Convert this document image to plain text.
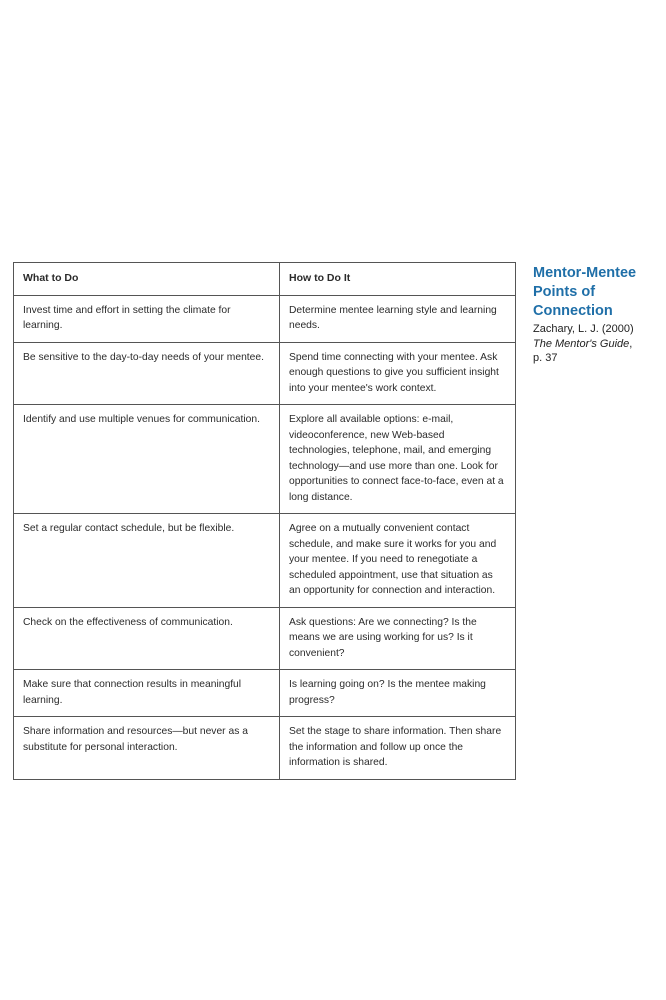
What to Do	How to Do It
Invest time and effort in setting the climate for learning.	Determine mentee learning style and learning needs.
Be sensitive to the day-to-day needs of your mentee.	Spend time connecting with your mentee. Ask enough questions to give you sufficient insight into your mentee's work context.
Identify and use multiple venues for communication.	Explore all available options: e-mail, videoconference, new Web-based technologies, telephone, mail, and emerging technology—and use more than one. Look for opportunities to connect face-to-face, even at a long distance.
Set a regular contact schedule, but be flexible.	Agree on a mutually convenient contact schedule, and make sure it works for you and your mentee. If you need to renegotiate a scheduled appointment, use that situation as an opportunity for connection and interaction.
Check on the effectiveness of communication.	Ask questions: Are we connecting? Is the means we are using working for us? Is it convenient?
Make sure that connection results in meaningful learning.	Is learning going on? Is the mentee making progress?
Share information and resources—but never as a substitute for personal interaction.	Set the stage to share information. Then share the information and follow up once the information is shared.
Mentor-Mentee
Points of
Connection
Zachary, L. J. (2000)
The Mentor's Guide,
p. 37
